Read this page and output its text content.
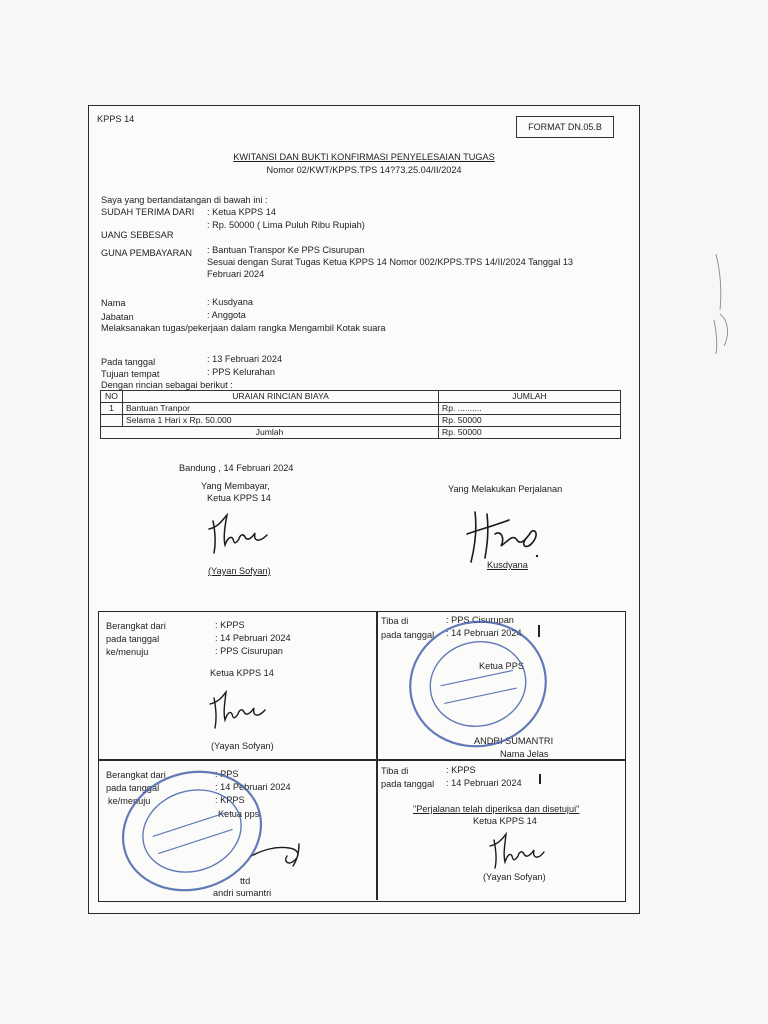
KPPS 14
FORMAT DN.05.B
KWITANSI DAN BUKTI KONFIRMASI PENYELESAIAN TUGAS
Nomor 02/KWT/KPPS.TPS 14?73.25.04/II/2024
Saya yang bertandatangan di bawah ini :
SUDAH TERIMA DARI : Ketua KPPS 14
: Rp. 50000 ( Lima Puluh Ribu Rupiah)
UANG SEBESAR
GUNA PEMBAYARAN : Bantuan Transpor Ke PPS Cisurupan
Sesuai dengan Surat Tugas Ketua KPPS 14 Nomor 002/KPPS.TPS 14/II/2024 Tanggal 13
Februari 2024
Nama	: Kusdyana
Jabatan	: Anggota
Melaksanakan tugas/pekerjaan dalam rangka Mengambil Kotak suara
Pada tanggal	: 13 Februari 2024
Tujuan tempat	: PPS Kelurahan
Dengan rincian sebagai berikut :
NO	URAIAN RINCIAN BIAYA	JUMLAH
1	Bantuan Tranpor	Rp. ..........
	Selama 1 Hari x Rp. 50.000	Rp. 50000
Jumlah		Rp. 50000
Bandung , 14 Februari 2024
Yang Membayar,
Ketua KPPS 14
(Yayan Sofyan)
Yang Melakukan Perjalanan
Kusdyana
Berangkat dari	: KPPS
pada tanggal	: 14 Pebruari 2024
ke/menuju	: PPS Cisurupan
Ketua KPPS 14
(Yayan Sofyan)
Tiba di	: PPS Cisurupan
pada tanggal : 14 Pebruari 2024
Ketua PPS
ANDRI SUMANTRI
Nama Jelas
Berangkat dari	: PPS
pada tanggal	: 14 Pebruari 2024
ke/menuju	: KPPS
Ketua pps
ttd
andri sumantri
Tiba di	: KPPS
pada tanggal : 14 Pebruari 2024
"Perjalanan telah diperiksa dan disetujui"
Ketua KPPS 14
(Yayan Sofyan)
